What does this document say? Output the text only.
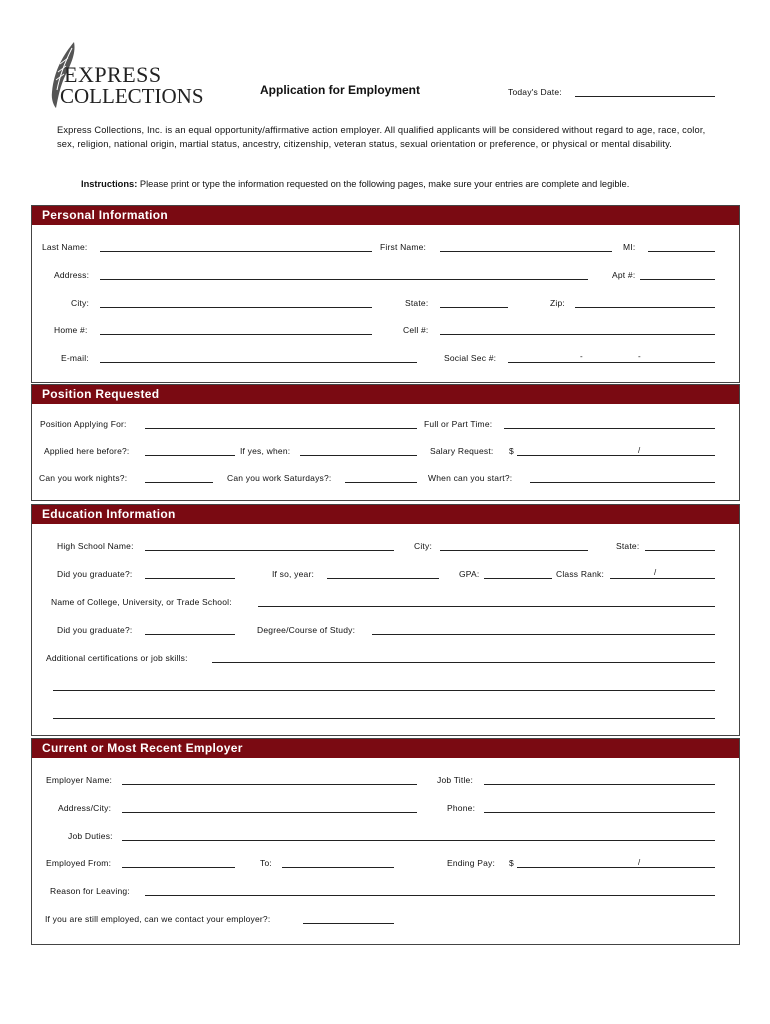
EXPRESS
COLLECTIONS	Application for Employment	Today's Date:
Express Collections, Inc. is an equal opportunity/affirmative action employer. All qualified applicants will be considered without regard to age, race, color, sex, religion, national origin, martial status, ancestry, citizenship, veteran status, sexual orientation or preference, or physical or mental disability.
Instructions: Please print or type the information requested on the following pages, make sure your entries are complete and legible.
Personal Information
Last Name:	First Name:	MI:
Address:	Apt #:
City:	State:	Zip:
Home #:	Cell #:
E-mail:	Social Sec #:	-	-
Position Requested
Position Applying For:	Full or Part Time:
Applied here before?:	If yes, when:	Salary Request: $	/
Can you work nights?:	Can you work Saturdays?:	When can you start?:
Education Information
High School Name:	City:	State:
Did you graduate?:	If so, year:	GPA:	Class Rank:	/
Name of College, University, or Trade School:
Did you graduate?:	Degree/Course of Study:
Additional certifications or job skills:
Current or Most Recent Employer
Employer Name:	Job Title:
Address/City:	Phone:
Job Duties:
Employed From:	To:	Ending Pay: $	/
Reason for Leaving:
If you are still employed, can we contact your employer?:
